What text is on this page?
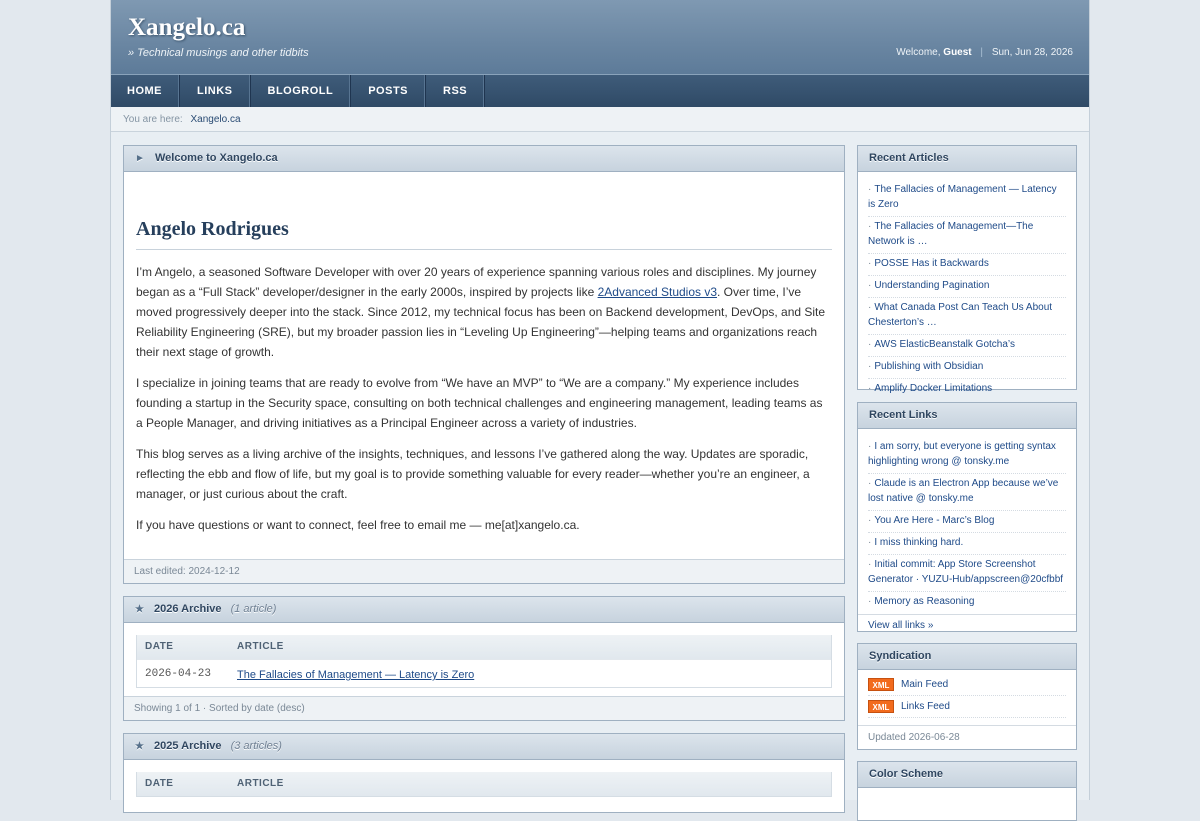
Xangelo.ca
» Technical musings and other tidbits	Welcome, Guest | Sun, Jun 28, 2026
HOME	LINKS	BLOGROLL	POSTS	RSS
You are here: Xangelo.ca
► Welcome to Xangelo.ca
Angelo Rodrigues

I’m Angelo, a seasoned Software Developer with over 20 years of experience spanning various roles and disciplines. My journey began as a “Full Stack” developer/designer in the early 2000s, inspired by projects like 2Advanced Studios v3. Over time, I’ve moved progressively deeper into the stack. Since 2012, my technical focus has been on Backend development, DevOps, and Site Reliability Engineering (SRE), but my broader passion lies in “Leveling Up Engineering”—helping teams and organizations reach their next stage of growth.

I specialize in joining teams that are ready to evolve from “We have an MVP” to “We are a company.” My experience includes founding a startup in the Security space, consulting on both technical challenges and engineering management, leading teams as a People Manager, and driving initiatives as a Principal Engineer across a variety of industries.

This blog serves as a living archive of the insights, techniques, and lessons I’ve gathered along the way. Updates are sporadic, reflecting the ebb and flow of life, but my goal is to provide something valuable for every reader—whether you’re an engineer, a manager, or just curious about the craft.

If you have questions or want to connect, feel free to email me — me[at]xangelo.ca.

Last edited: 2024-12-12
★ 2026 Archive (1 article)
DATE	ARTICLE
2026-04-23	The Fallacies of Management — Latency is Zero
Showing 1 of 1 · Sorted by date (desc)
★ 2025 Archive (3 articles)
DATE	ARTICLE
Recent Articles
· The Fallacies of Management — Latency is Zero
· The Fallacies of Management—The Network is …
· POSSE Has it Backwards
· Understanding Pagination
· What Canada Post Can Teach Us About Chesterton’s …
· AWS ElasticBeanstalk Gotcha’s
· Publishing with Obsidian
· Amplify Docker Limitations
Recent Links
· I am sorry, but everyone is getting syntax highlighting wrong @ tonsky.me
· Claude is an Electron App because we’ve lost native @ tonsky.me
· You Are Here - Marc’s Blog
· I miss thinking hard.
· Initial commit: App Store Screenshot Generator · YUZU-Hub/appscreen@20cfbbf
· Memory as Reasoning
View all links »
Syndication
XML	Main Feed
XML	Links Feed
Updated 2026-06-28
Color Scheme
